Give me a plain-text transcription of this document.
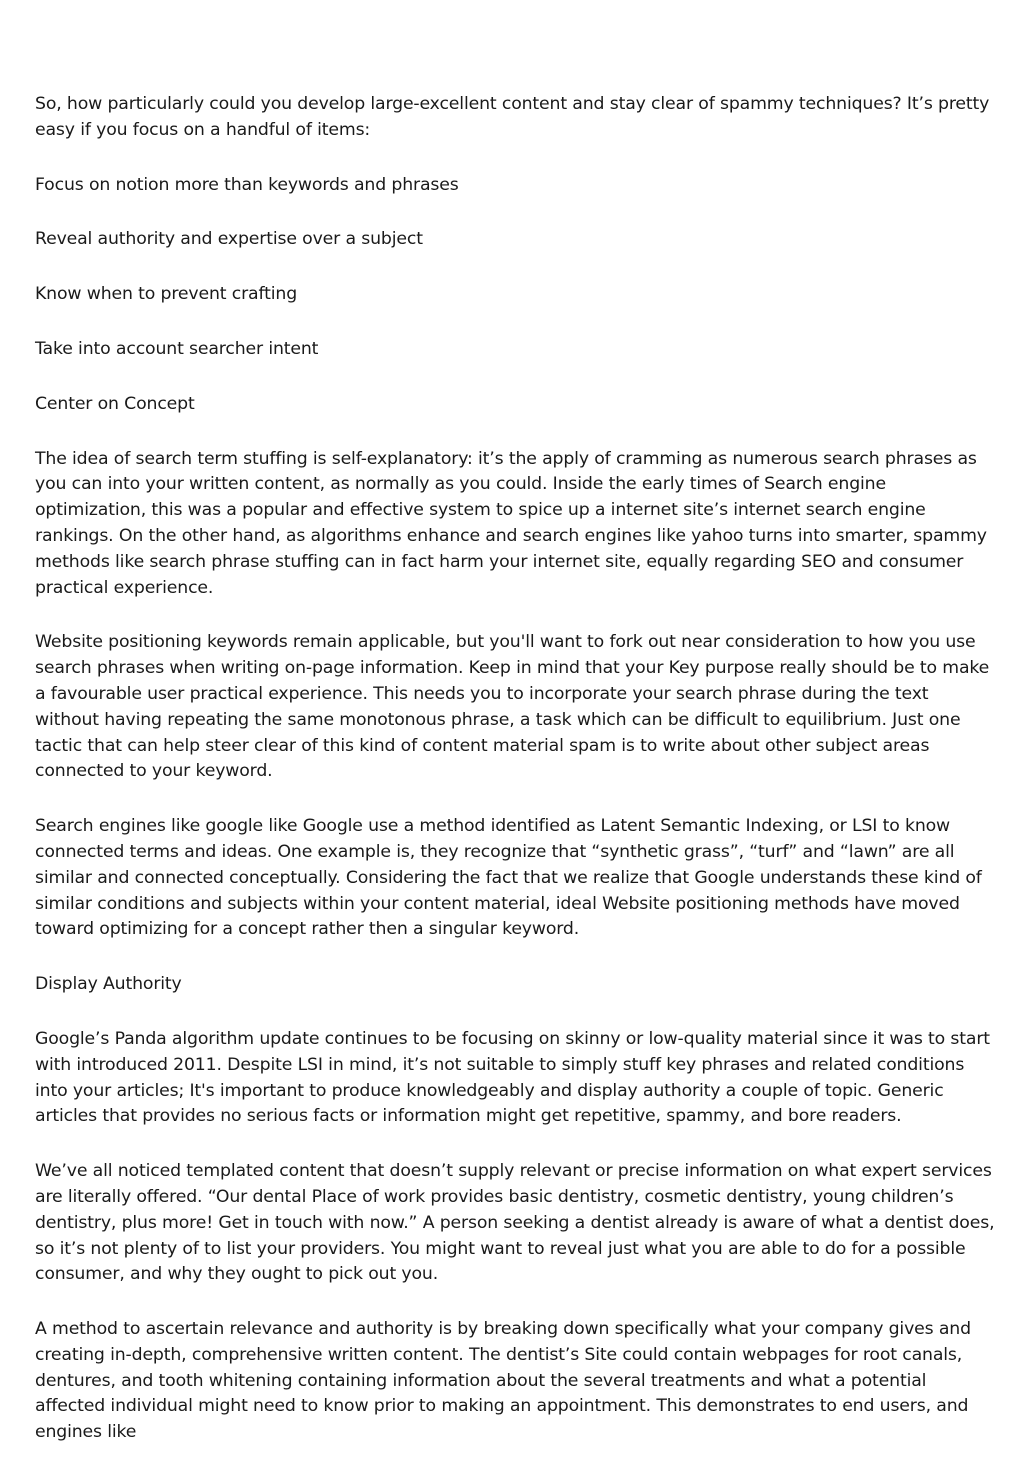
So, how particularly could you develop large-excellent content and stay clear of spammy techniques? It’s pretty easy if you focus on a handful of items:

Focus on notion more than keywords and phrases

Reveal authority and expertise over a subject

Know when to prevent crafting

Take into account searcher intent

Center on Concept

The idea of search term stuffing is self-explanatory: it’s the apply of cramming as numerous search phrases as you can into your written content, as normally as you could. Inside the early times of Search engine optimization, this was a popular and effective system to spice up a internet site’s internet search engine rankings. On the other hand, as algorithms enhance and search engines like yahoo turns into smarter, spammy methods like search phrase stuffing can in fact harm your internet site, equally regarding SEO and consumer practical experience.

Website positioning keywords remain applicable, but you'll want to fork out near consideration to how you use search phrases when writing on-page information. Keep in mind that your Key purpose really should be to make a favourable user practical experience. This needs you to incorporate your search phrase during the text without having repeating the same monotonous phrase, a task which can be difficult to equilibrium. Just one tactic that can help steer clear of this kind of content material spam is to write about other subject areas connected to your keyword.

Search engines like google like Google use a method identified as Latent Semantic Indexing, or LSI to know connected terms and ideas. One example is, they recognize that “synthetic grass”, “turf” and “lawn” are all similar and connected conceptually. Considering the fact that we realize that Google understands these kind of similar conditions and subjects within your content material, ideal Website positioning methods have moved toward optimizing for a concept rather then a singular keyword.

Display Authority

Google’s Panda algorithm update continues to be focusing on skinny or low-quality material since it was to start with introduced 2011. Despite LSI in mind, it’s not suitable to simply stuff key phrases and related conditions into your articles; It's important to produce knowledgeably and display authority a couple of topic. Generic articles that provides no serious facts or information might get repetitive, spammy, and bore readers.

We’ve all noticed templated content that doesn’t supply relevant or precise information on what expert services are literally offered. “Our dental Place of work provides basic dentistry, cosmetic dentistry, young children’s dentistry, plus more! Get in touch with now.” A person seeking a dentist already is aware of what a dentist does, so it’s not plenty of to list your providers. You might want to reveal just what you are able to do for a possible consumer, and why they ought to pick out you.

A method to ascertain relevance and authority is by breaking down specifically what your company gives and creating in-depth, comprehensive written content. The dentist’s Site could contain webpages for root canals, dentures, and tooth whitening containing information about the several treatments and what a potential affected individual might need to know prior to making an appointment. This demonstrates to end users, and engines like
